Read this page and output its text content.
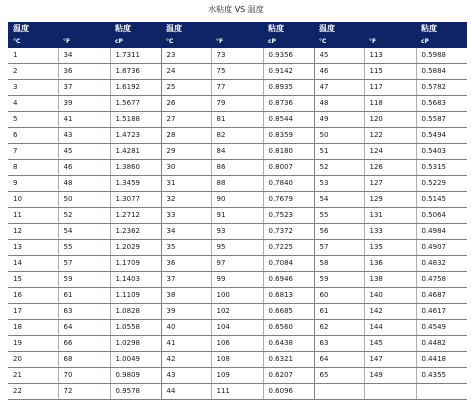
水粘度 VS 温度
温度		粘度	温度		粘度	温度		粘度
°C	°F	cP	°C	°F	cP	°C	°F	cP
1	34	1.7311	23	73	0.9356	45	113	0.5988
2	36	1.6736	24	75	0.9142	46	115	0.5884
3	37	1.6192	25	77	0.8935	47	117	0.5782
4	39	1.5677	26	79	0.8736	48	118	0.5683
5	41	1.5188	27	81	0.8544	49	120	0.5587
6	43	1.4723	28	82	0.8359	50	122	0.5494
7	45	1.4281	29	84	0.8180	51	124	0.5403
8	46	1.3860	30	86	0.8007	52	126	0.5315
9	48	1.3459	31	88	0.7840	53	127	0.5229
10	50	1.3077	32	90	0.7679	54	129	0.5145
11	52	1.2712	33	91	0.7523	55	131	0.5064
12	54	1.2362	34	93	0.7372	56	133	0.4984
13	55	1.2029	35	95	0.7225	57	135	0.4907
14	57	1.1709	36	97	0.7084	58	136	0.4832
15	59	1.1403	37	99	0.6946	59	138	0.4758
16	61	1.1109	38	100	0.6813	60	140	0.4687
17	63	1.0828	39	102	0.6685	61	142	0.4617
18	64	1.0558	40	104	0.6560	62	144	0.4549
19	66	1.0298	41	106	0.6438	63	145	0.4482
20	68	1.0049	42	108	0.6321	64	147	0.4418
21	70	0.9809	43	109	0.6207	65	149	0.4355
22	72	0.9578	44	111	0.6096			
